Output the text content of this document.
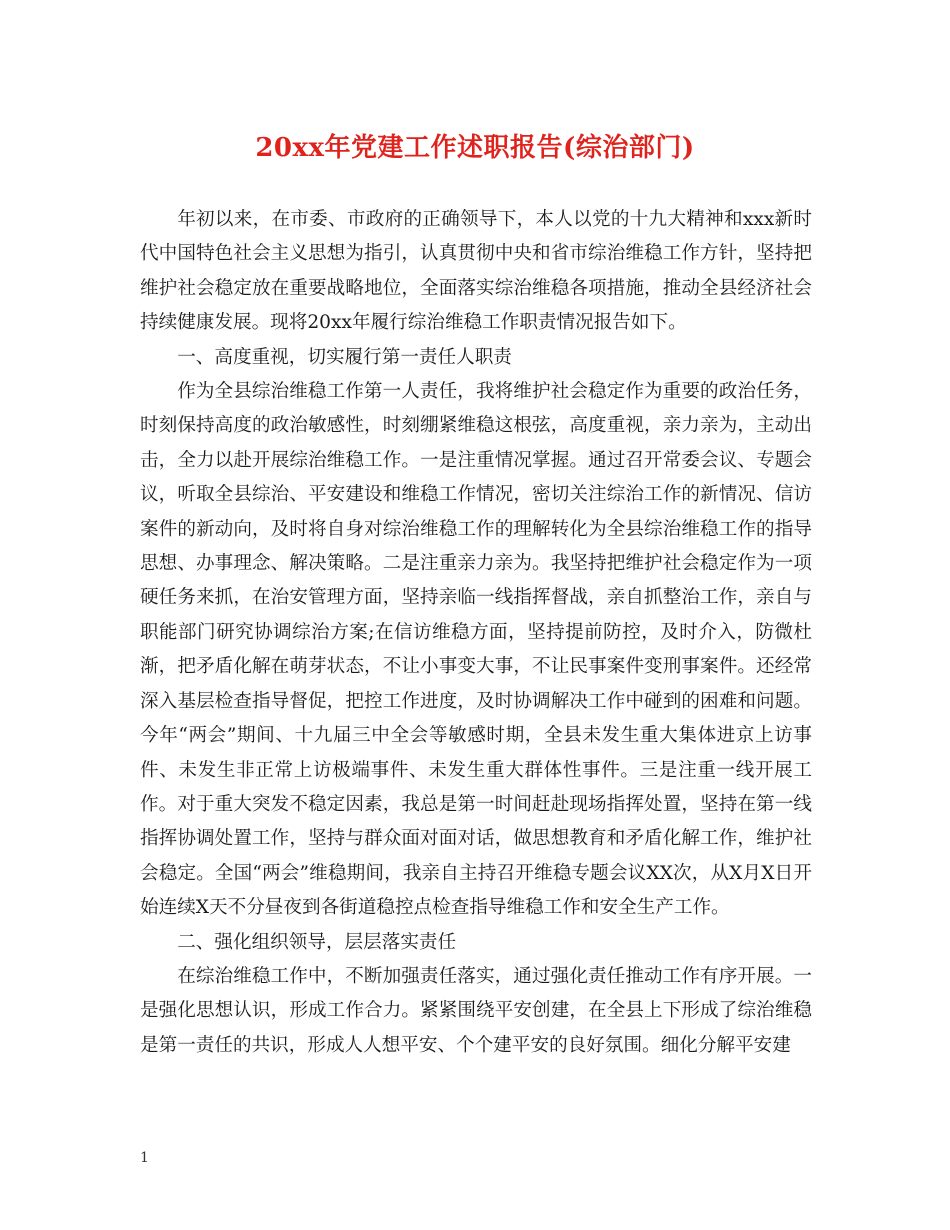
20xx年党建工作述职报告(综治部门)

年初以来，在市委、市政府的正确领导下，本人以党的十九大精神和xxx新时代中国特色社会主义思想为指引，认真贯彻中央和省市综治维稳工作方针，坚持把维护社会稳定放在重要战略地位，全面落实综治维稳各项措施，推动全县经济社会持续健康发展。现将20xx年履行综治维稳工作职责情况报告如下。

一、高度重视，切实履行第一责任人职责

作为全县综治维稳工作第一人责任，我将维护社会稳定作为重要的政治任务，时刻保持高度的政治敏感性，时刻绷紧维稳这根弦，高度重视，亲力亲为，主动出击，全力以赴开展综治维稳工作。一是注重情况掌握。通过召开常委会议、专题会议，听取全县综治、平安建设和维稳工作情况，密切关注综治工作的新情况、信访案件的新动向，及时将自身对综治维稳工作的理解转化为全县综治维稳工作的指导思想、办事理念、解决策略。二是注重亲力亲为。我坚持把维护社会稳定作为一项硬任务来抓，在治安管理方面，坚持亲临一线指挥督战，亲自抓整治工作，亲自与职能部门研究协调综治方案;在信访维稳方面，坚持提前防控，及时介入，防微杜渐，把矛盾化解在萌芽状态，不让小事变大事，不让民事案件变刑事案件。还经常深入基层检查指导督促，把控工作进度，及时协调解决工作中碰到的困难和问题。今年“两会”期间、十九届三中全会等敏感时期，全县未发生重大集体进京上访事件、未发生非正常上访极端事件、未发生重大群体性事件。三是注重一线开展工作。对于重大突发不稳定因素，我总是第一时间赶赴现场指挥处置，坚持在第一线指挥协调处置工作，坚持与群众面对面对话，做思想教育和矛盾化解工作，维护社会稳定。全国“两会”维稳期间，我亲自主持召开维稳专题会议XX次，从X月X日开始连续X天不分昼夜到各街道稳控点检查指导维稳工作和安全生产工作。

二、强化组织领导，层层落实责任

在综治维稳工作中，不断加强责任落实，通过强化责任推动工作有序开展。一是强化思想认识，形成工作合力。紧紧围绕平安创建，在全县上下形成了综治维稳是第一责任的共识，形成人人想平安、个个建平安的良好氛围。细化分解平安建

1
